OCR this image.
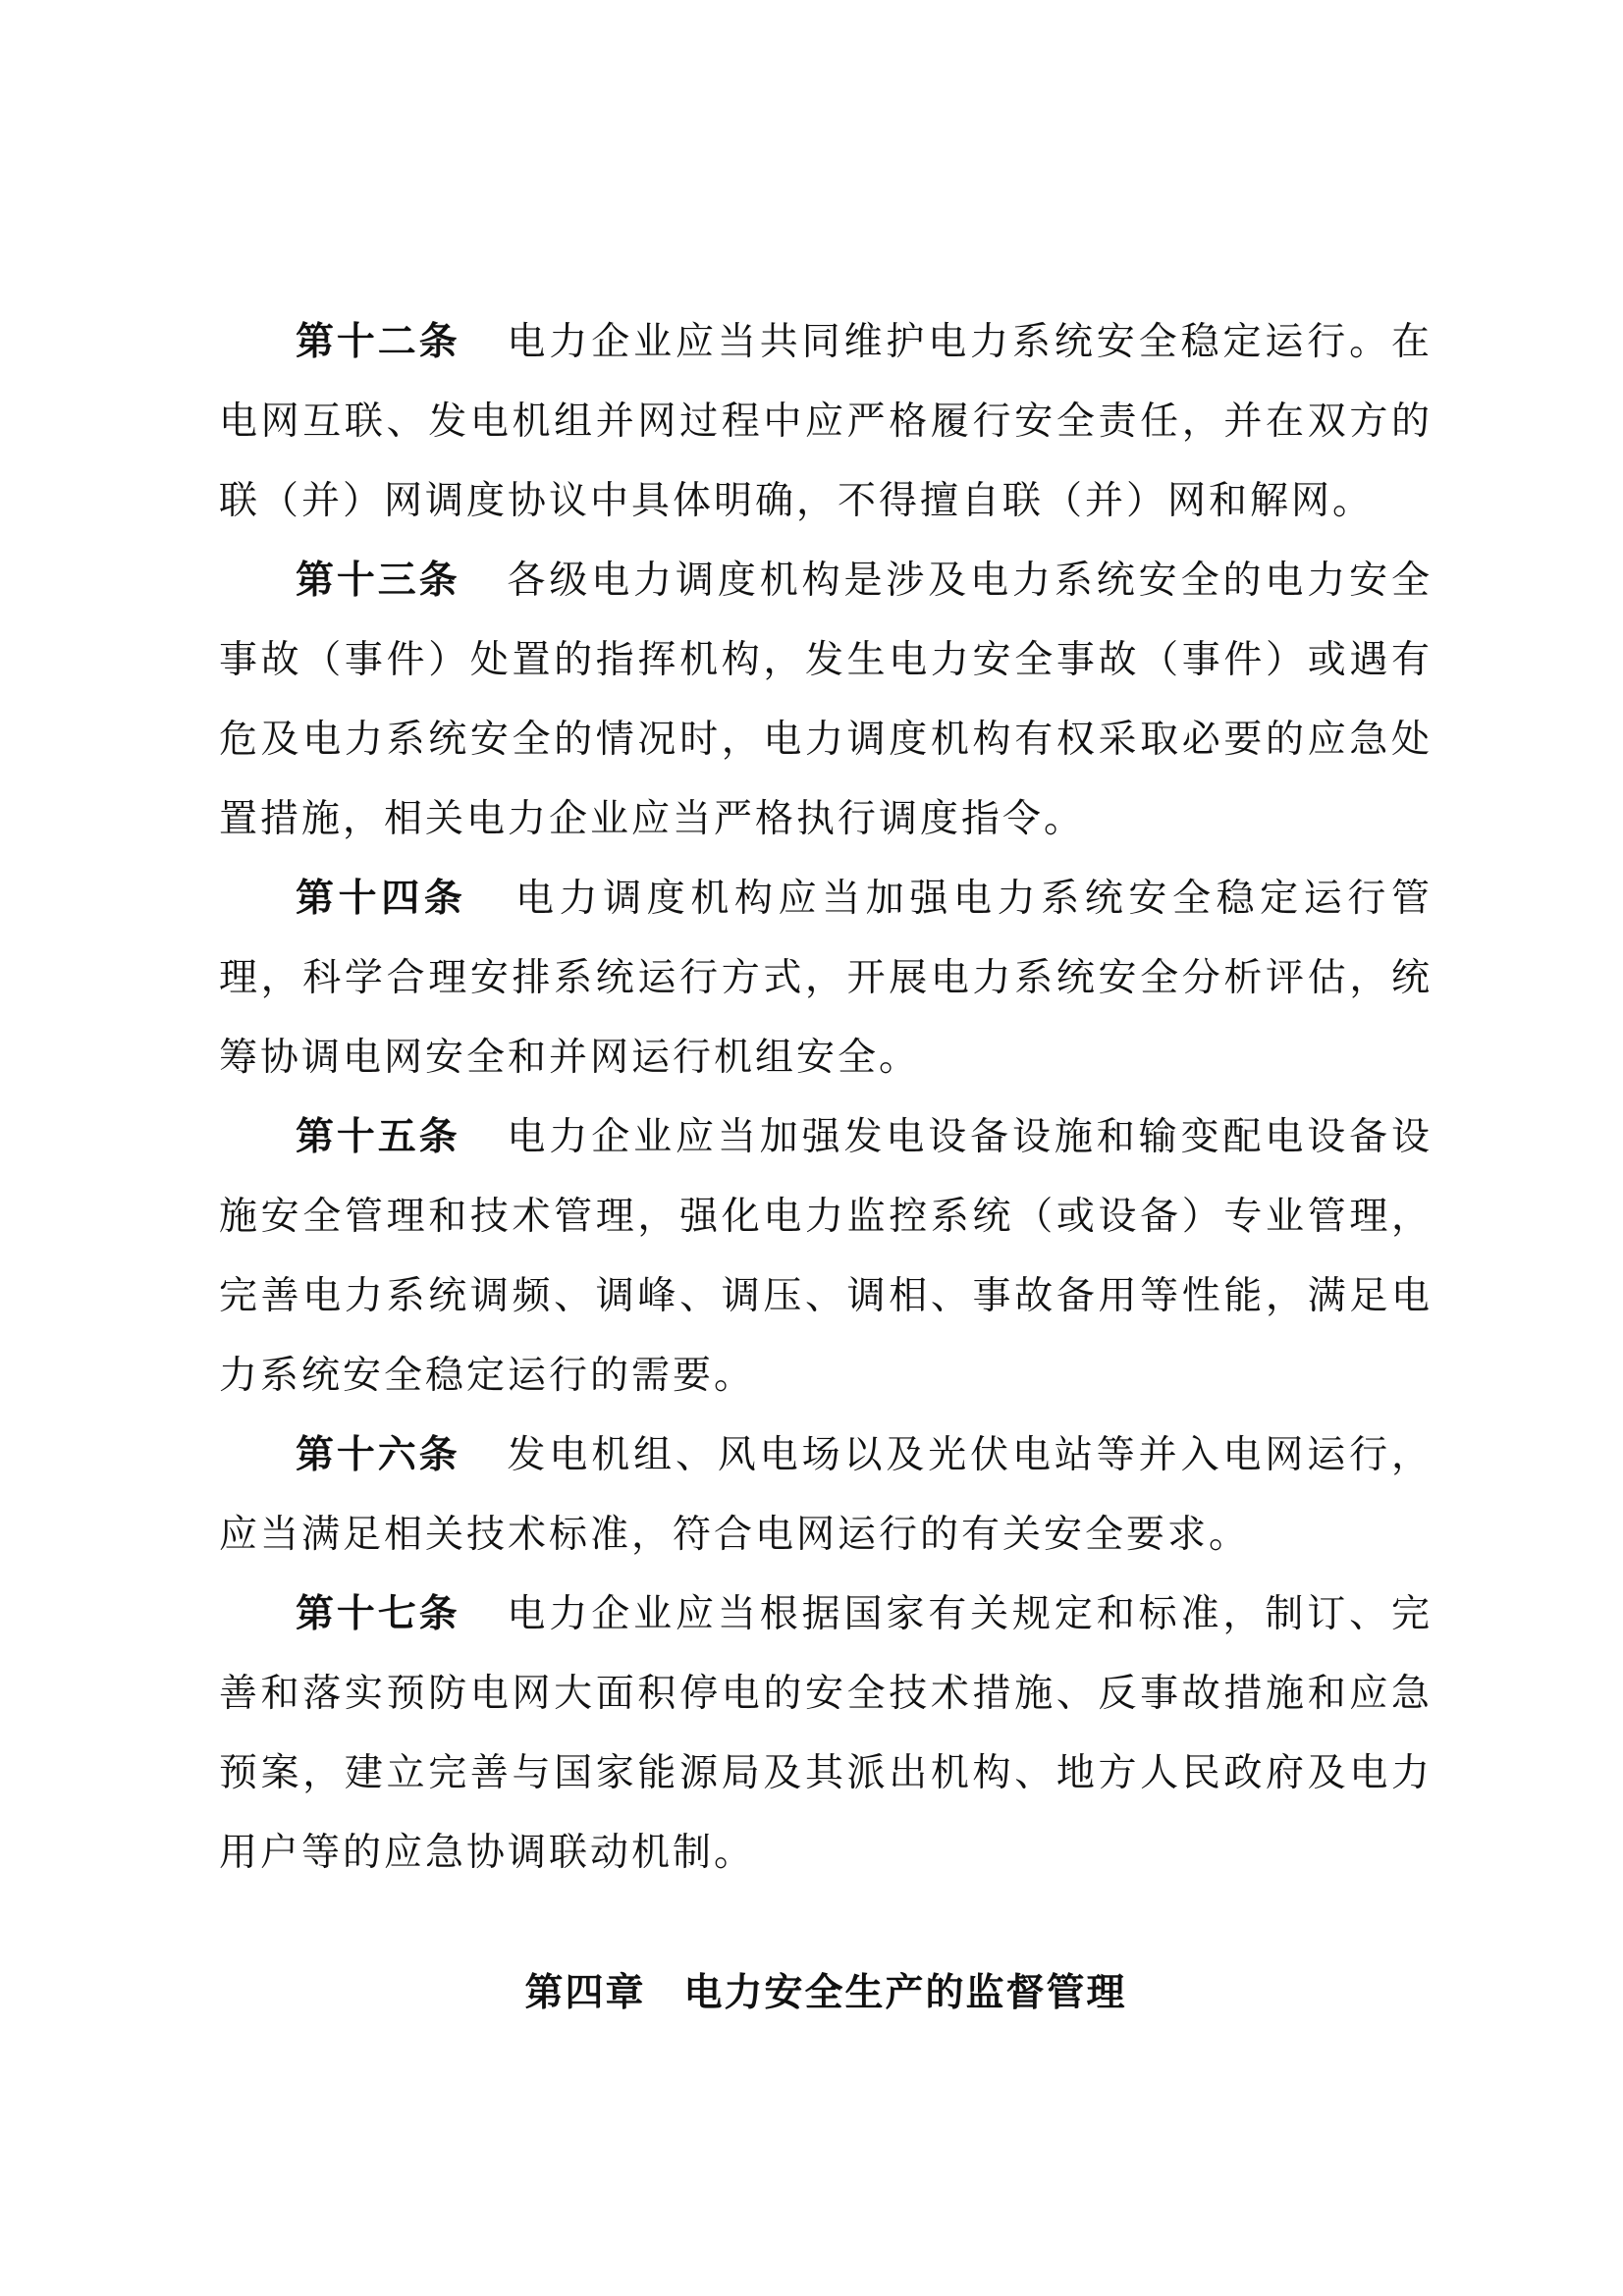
第十二条 电力企业应当共同维护电力系统安全稳定运行。在电网互联、发电机组并网过程中应严格履行安全责任，并在双方的联（并）网调度协议中具体明确，不得擅自联（并）网和解网。

第十三条 各级电力调度机构是涉及电力系统安全的电力安全事故（事件）处置的指挥机构，发生电力安全事故（事件）或遇有危及电力系统安全的情况时，电力调度机构有权采取必要的应急处置措施，相关电力企业应当严格执行调度指令。

第十四条 电力调度机构应当加强电力系统安全稳定运行管理，科学合理安排系统运行方式，开展电力系统安全分析评估，统筹协调电网安全和并网运行机组安全。

第十五条 电力企业应当加强发电设备设施和输变配电设备设施安全管理和技术管理，强化电力监控系统（或设备）专业管理，完善电力系统调频、调峰、调压、调相、事故备用等性能，满足电力系统安全稳定运行的需要。

第十六条 发电机组、风电场以及光伏电站等并入电网运行，应当满足相关技术标准，符合电网运行的有关安全要求。

第十七条 电力企业应当根据国家有关规定和标准，制订、完善和落实预防电网大面积停电的安全技术措施、反事故措施和应急预案，建立完善与国家能源局及其派出机构、地方人民政府及电力用户等的应急协调联动机制。

第四章 电力安全生产的监督管理
